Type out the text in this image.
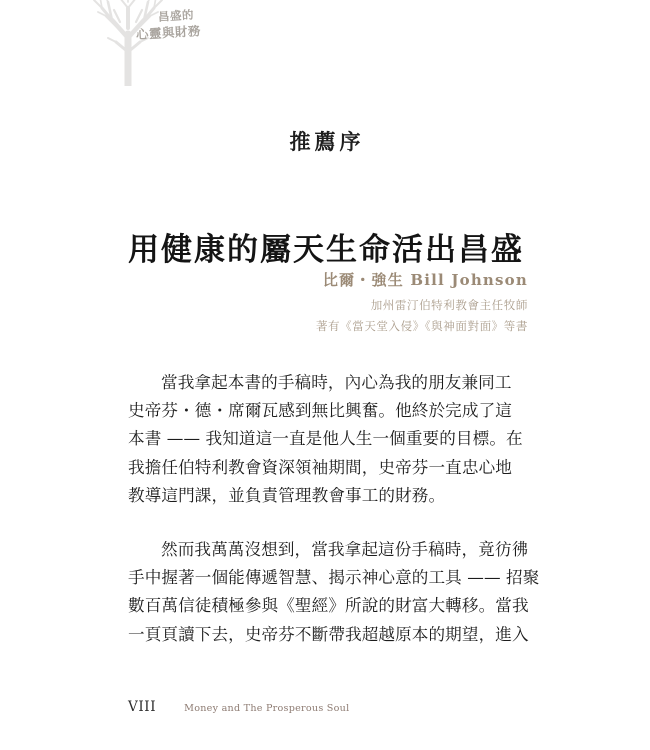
昌盛的
心靈與財務
推薦序
用健康的屬天生命活出昌盛
比爾・強生 Bill Johnson
加州雷汀伯特利教會主任牧師
著有《當天堂入侵》《與神面對面》等書

當我拿起本書的手稿時，內心為我的朋友兼同工
史帝芬・德・席爾瓦感到無比興奮。他終於完成了這
本書 —— 我知道這一直是他人生一個重要的目標。在
我擔任伯特利教會資深領袖期間，史帝芬一直忠心地
教導這門課，並負責管理教會事工的財務。

然而我萬萬沒想到，當我拿起這份手稿時，竟彷彿
手中握著一個能傳遞智慧、揭示神心意的工具 —— 招聚
數百萬信徒積極參與《聖經》所說的財富大轉移。當我
一頁頁讀下去，史帝芬不斷帶我超越原本的期望，進入

VIII	Money and The Prosperous Soul
